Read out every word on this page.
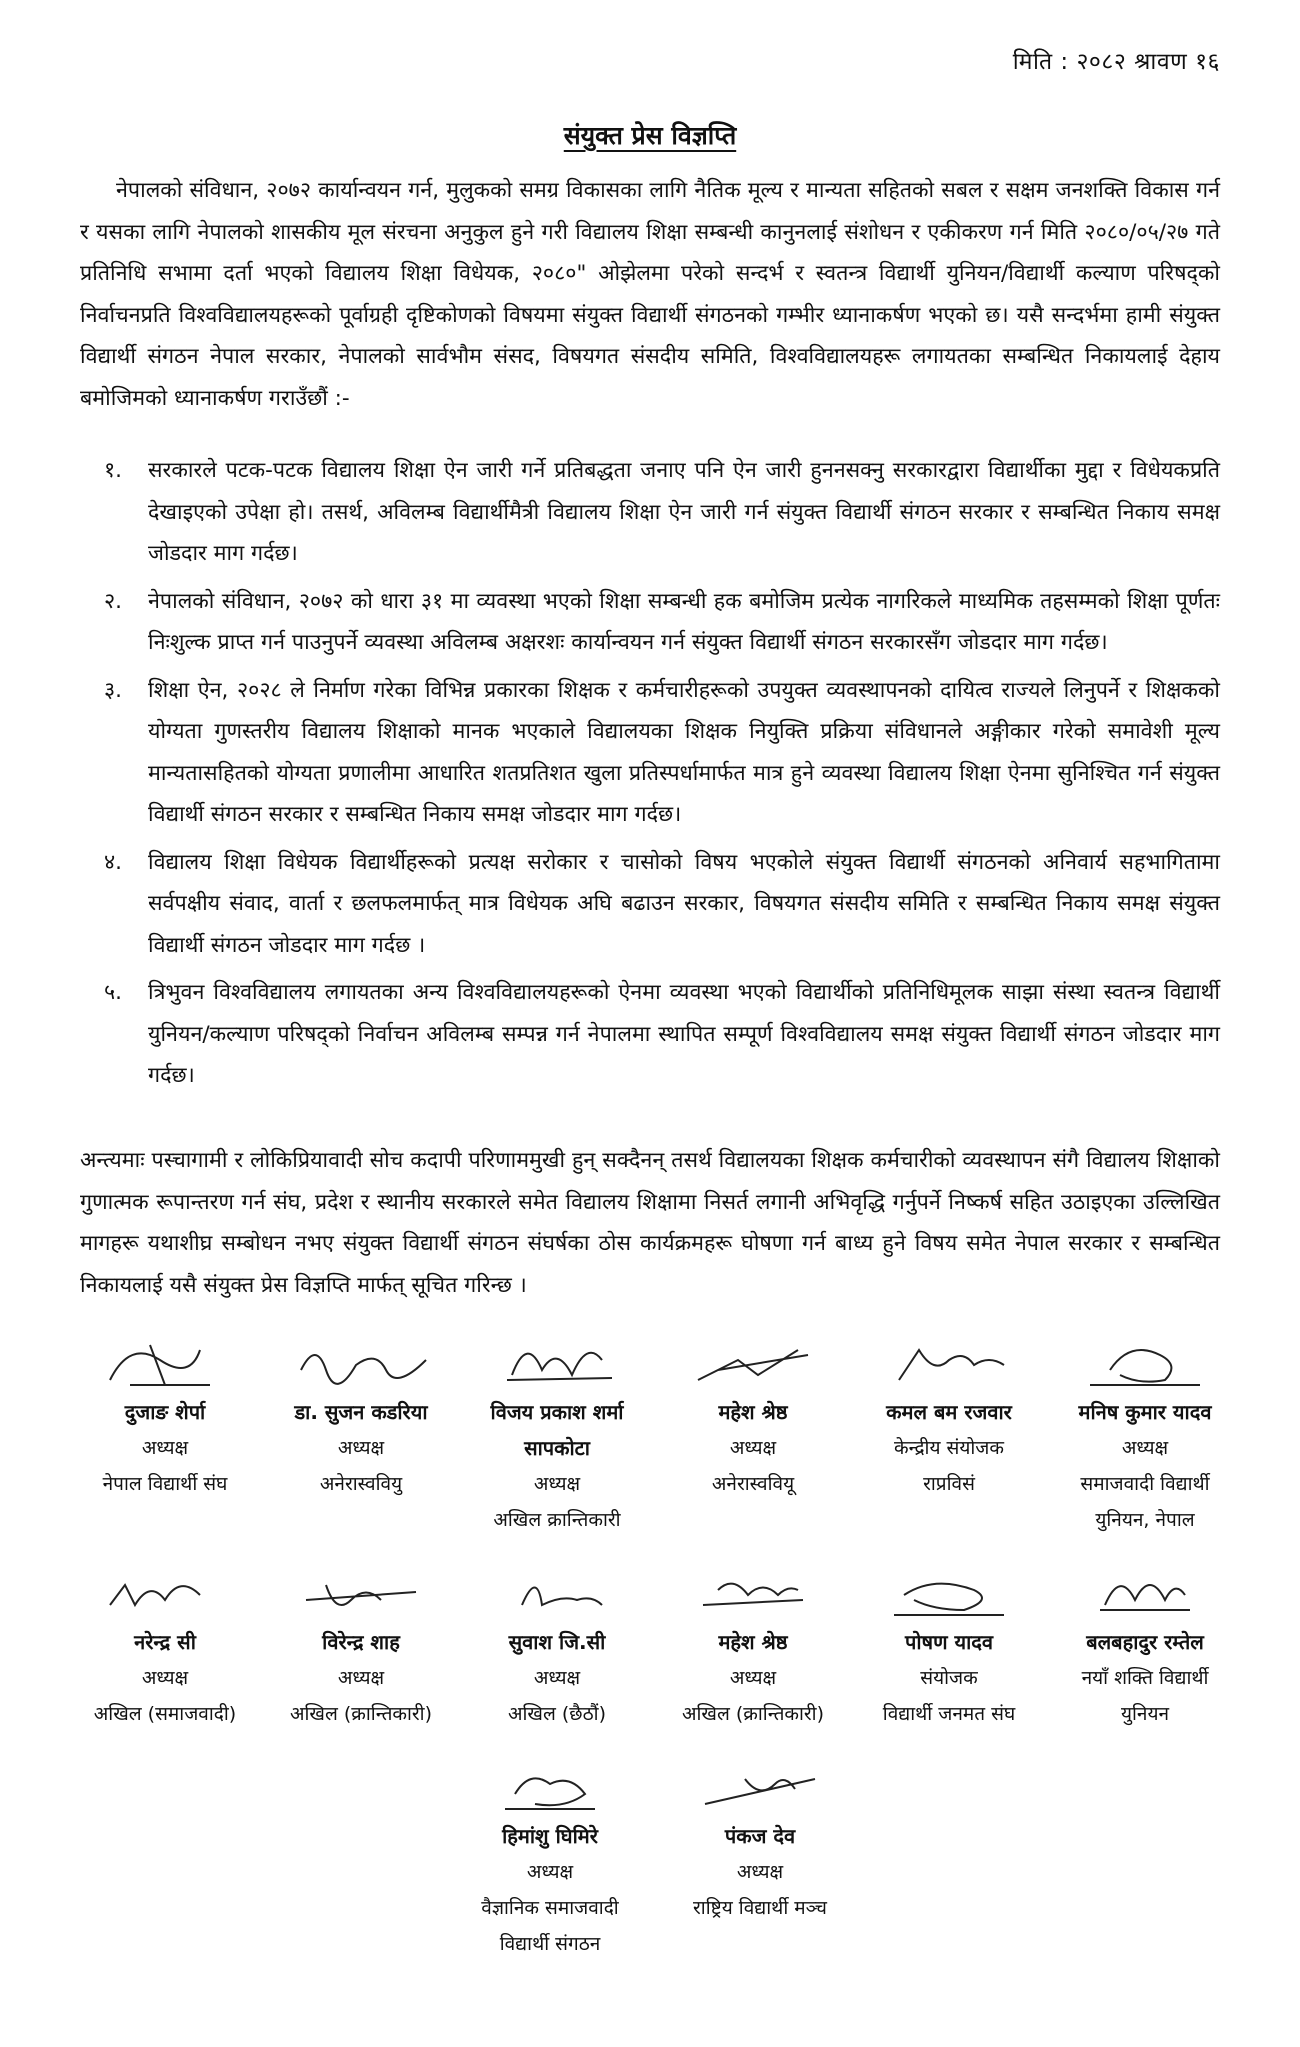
मिति : २०८२ श्रावण १६
संयुक्त प्रेस विज्ञप्ति

नेपालको संविधान, २०७२ कार्यान्वयन गर्न, मुलुकको समग्र विकासका लागि नैतिक मूल्य र मान्यता सहितको सबल र सक्षम जनशक्ति विकास गर्न र यसका लागि नेपालको शासकीय मूल संरचना अनुकुल हुने गरी विद्यालय शिक्षा सम्बन्धी कानुनलाई संशोधन र एकीकरण गर्न मिति २०८०/०५/२७ गते प्रतिनिधि सभामा दर्ता भएको विद्यालय शिक्षा विधेयक, २०८०" ओझेलमा परेको सन्दर्भ र स्वतन्त्र विद्यार्थी युनियन/विद्यार्थी कल्याण परिषद्को निर्वाचनप्रति विश्वविद्यालयहरूको पूर्वाग्रही दृष्टिकोणको विषयमा संयुक्त विद्यार्थी संगठनको गम्भीर ध्यानाकर्षण भएको छ। यसै सन्दर्भमा हामी संयुक्त विद्यार्थी संगठन नेपाल सरकार, नेपालको सार्वभौम संसद, विषयगत संसदीय समिति, विश्वविद्यालयहरू लगायतका सम्बन्धित निकायलाई देहाय बमोजिमको ध्यानाकर्षण गराउँछौं :-

१. सरकारले पटक-पटक विद्यालय शिक्षा ऐन जारी गर्ने प्रतिबद्धता जनाए पनि ऐन जारी हुननसक्नु सरकारद्वारा विद्यार्थीका मुद्दा र विधेयकप्रति देखाइएको उपेक्षा हो। तसर्थ, अविलम्ब विद्यार्थीमैत्री विद्यालय शिक्षा ऐन जारी गर्न संयुक्त विद्यार्थी संगठन सरकार र सम्बन्धित निकाय समक्ष जोडदार माग गर्दछ।
२. नेपालको संविधान, २०७२ को धारा ३१ मा व्यवस्था भएको शिक्षा सम्बन्धी हक बमोजिम प्रत्येक नागरिकले माध्यमिक तहसम्मको शिक्षा पूर्णतः निःशुल्क प्राप्त गर्न पाउनुपर्ने व्यवस्था अविलम्ब अक्षरशः कार्यान्वयन गर्न संयुक्त विद्यार्थी संगठन सरकारसँग जोडदार माग गर्दछ।
३. शिक्षा ऐन, २०२८ ले निर्माण गरेका विभिन्न प्रकारका शिक्षक र कर्मचारीहरूको उपयुक्त व्यवस्थापनको दायित्व राज्यले लिनुपर्ने र शिक्षकको योग्यता गुणस्तरीय विद्यालय शिक्षाको मानक भएकाले विद्यालयका शिक्षक नियुक्ति प्रक्रिया संविधानले अङ्गीकार गरेको समावेशी मूल्य मान्यतासहितको योग्यता प्रणालीमा आधारित शतप्रतिशत खुला प्रतिस्पर्धामार्फत मात्र हुने व्यवस्था विद्यालय शिक्षा ऐनमा सुनिश्चित गर्न संयुक्त विद्यार्थी संगठन सरकार र सम्बन्धित निकाय समक्ष जोडदार माग गर्दछ।
४. विद्यालय शिक्षा विधेयक विद्यार्थीहरूको प्रत्यक्ष सरोकार र चासोको विषय भएकोले संयुक्त विद्यार्थी संगठनको अनिवार्य सहभागितामा सर्वपक्षीय संवाद, वार्ता र छलफलमार्फत् मात्र विधेयक अघि बढाउन सरकार, विषयगत संसदीय समिति र सम्बन्धित निकाय समक्ष संयुक्त विद्यार्थी संगठन जोडदार माग गर्दछ ।
५. त्रिभुवन विश्वविद्यालय लगायतका अन्य विश्वविद्यालयहरूको ऐनमा व्यवस्था भएको विद्यार्थीको प्रतिनिधिमूलक साझा संस्था स्वतन्त्र विद्यार्थी युनियन/कल्याण परिषद्को निर्वाचन अविलम्ब सम्पन्न गर्न नेपालमा स्थापित सम्पूर्ण विश्वविद्यालय समक्ष संयुक्त विद्यार्थी संगठन जोडदार माग गर्दछ।

अन्त्यमाः पस्चागामी र लोकिप्रियावादी सोच कदापी परिणाममुखी हुन् सक्दैनन् तसर्थ विद्यालयका शिक्षक कर्मचारीको व्यवस्थापन संगै विद्यालय शिक्षाको गुणात्मक रूपान्तरण गर्न संघ, प्रदेश र स्थानीय सरकारले समेत विद्यालय शिक्षामा निसर्त लगानी अभिवृद्धि गर्नुपर्ने निष्कर्ष सहित उठाइएका उल्लिखित मागहरू यथाशीघ्र सम्बोधन नभए संयुक्त विद्यार्थी संगठन संघर्षका ठोस कार्यक्रमहरू घोषणा गर्न बाध्य हुने विषय समेत नेपाल सरकार र सम्बन्धित निकायलाई यसै संयुक्त प्रेस विज्ञप्ति मार्फत् सूचित गरिन्छ ।

दुजाङ शेर्पा
अध्यक्ष
नेपाल विद्यार्थी संघ
डा. सुजन कडरिया
अध्यक्ष
अनेरास्ववियु
विजय प्रकाश शर्मा
सापकोटा
अध्यक्ष
अखिल क्रान्तिकारी
महेश श्रेष्ठ
अध्यक्ष
अनेरास्ववियू
कमल बम रजवार
केन्द्रीय संयोजक
राप्रविसं
मनिष कुमार यादव
अध्यक्ष
समाजवादी विद्यार्थी
युनियन, नेपाल
नरेन्द्र सी
अध्यक्ष
अखिल (समाजवादी)
विरेन्द्र शाह
अध्यक्ष
अखिल (क्रान्तिकारी)
सुवाश जि.सी
अध्यक्ष
अखिल (छैठौं)
महेश श्रेष्ठ
अध्यक्ष
अखिल (क्रान्तिकारी)
पोषण यादव
संयोजक
विद्यार्थी जनमत संघ
बलबहादुर रम्तेल
नयाँ शक्ति विद्यार्थी
युनियन
हिमांशु घिमिरे
अध्यक्ष
वैज्ञानिक समाजवादी
विद्यार्थी संगठन
पंकज देव
अध्यक्ष
राष्ट्रिय विद्यार्थी मञ्च
